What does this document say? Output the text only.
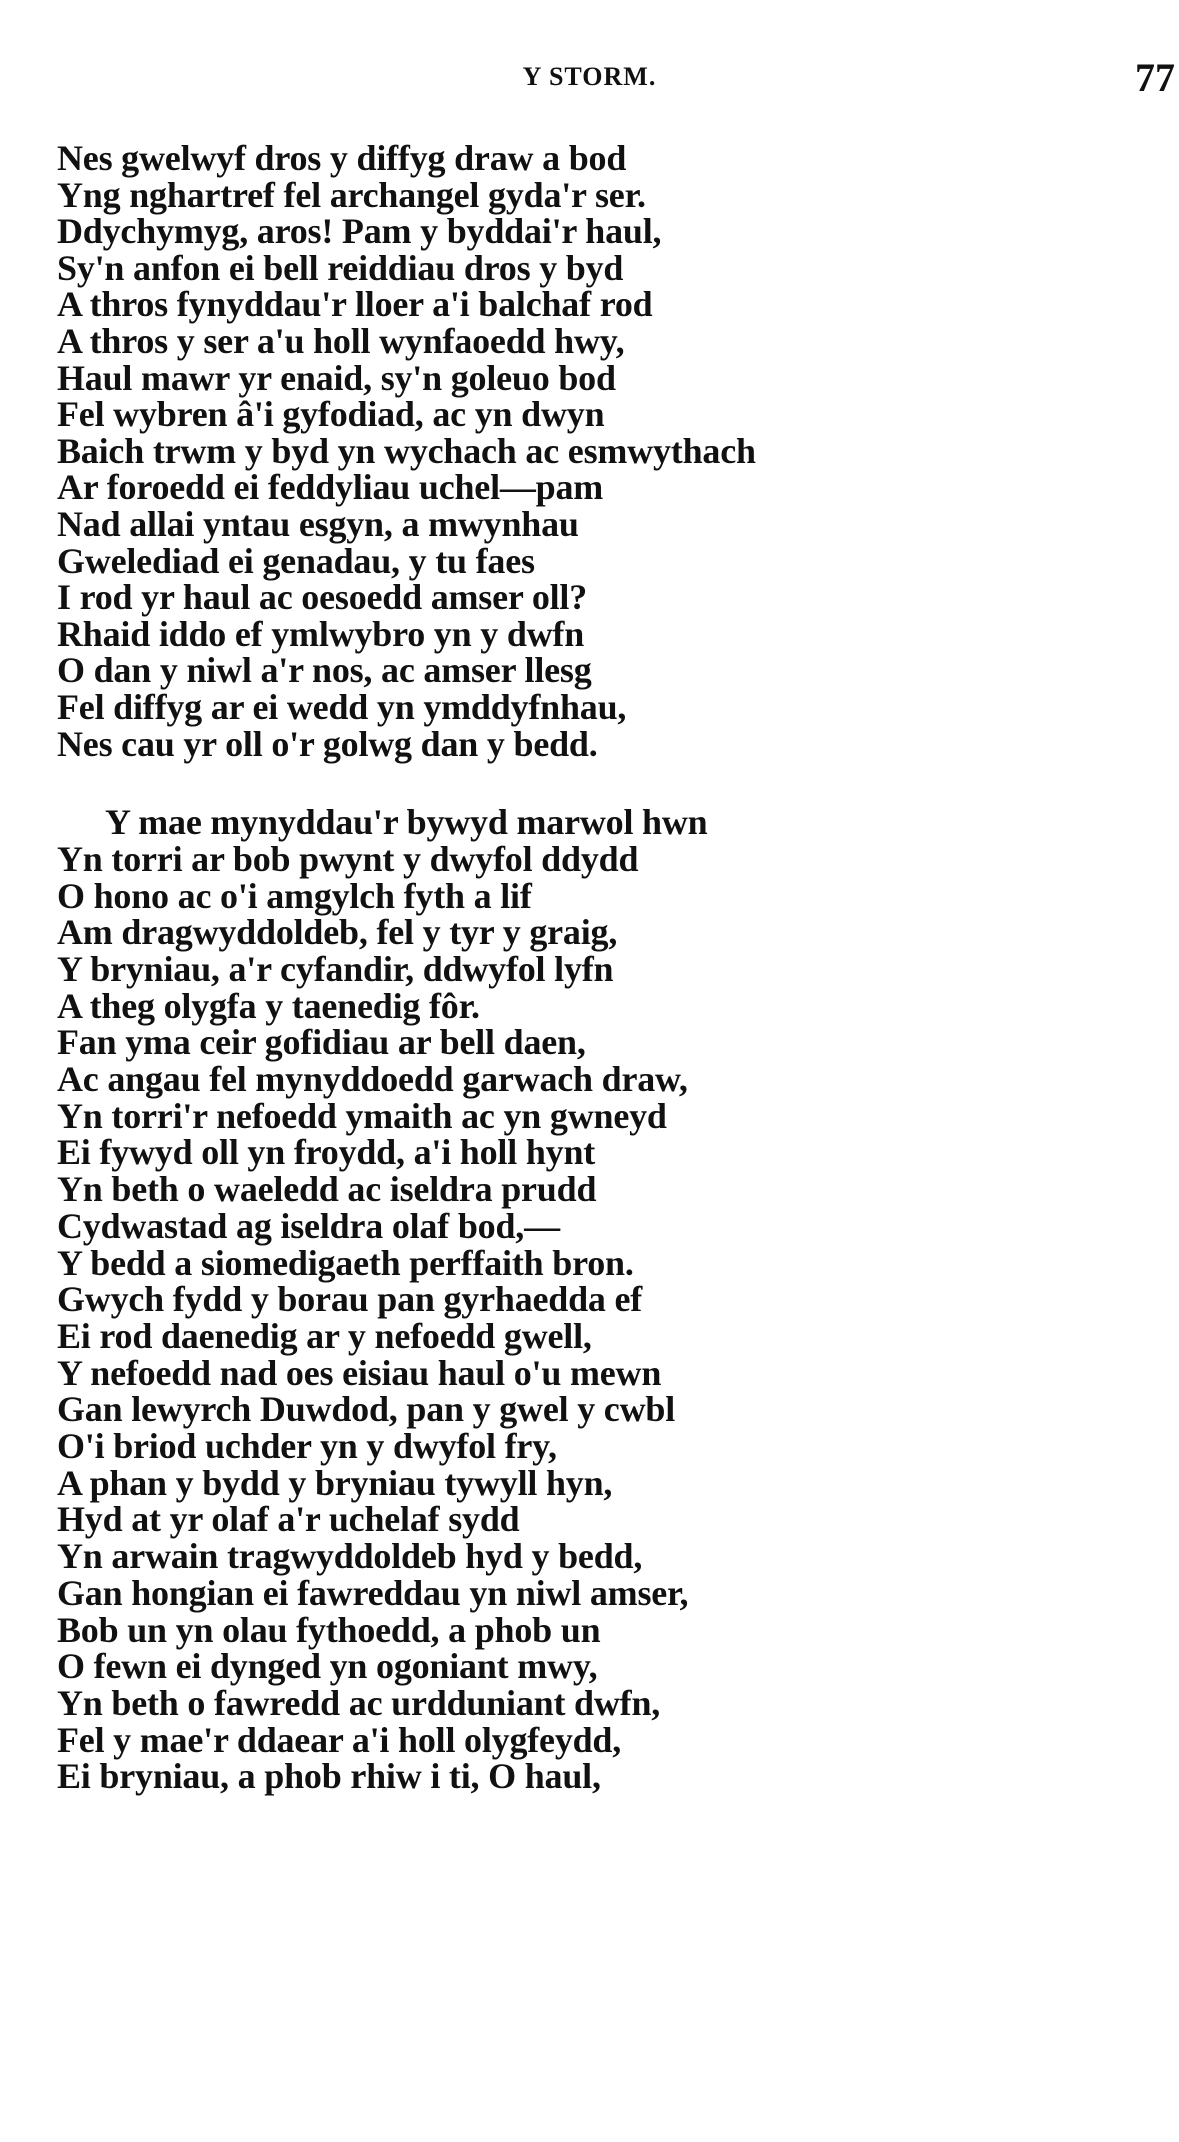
Y STORM.	77
Nes gwelwyf dros y diffyg draw a bod
Yng nghartref fel archangel gyda'r ser.
Ddychymyg, aros! Pam y byddai'r haul,
Sy'n anfon ei bell reiddiau dros y byd
A thros fynyddau'r lloer a'i balchaf rod
A thros y ser a'u holl wynfaoedd hwy,
Haul mawr yr enaid, sy'n goleuo bod
Fel wybren â'i gyfodiad, ac yn dwyn
Baich trwm y byd yn wychach ac esmwythach
Ar foroedd ei feddyliau uchel—pam
Nad allai yntau esgyn, a mwynhau
Gwelediad ei genadau, y tu faes
I rod yr haul ac oesoedd amser oll?
Rhaid iddo ef ymlwybro yn y dwfn
O dan y niwl a'r nos, ac amser llesg
Fel diffyg ar ei wedd yn ymddyfnhau,
Nes cau yr oll o'r golwg dan y bedd.
Y mae mynyddau'r bywyd marwol hwn
Yn torri ar bob pwynt y dwyfol ddydd
O hono ac o'i amgylch fyth a lif
Am dragwyddoldeb, fel y tyr y graig,
Y bryniau, a'r cyfandir, ddwyfol lyfn
A theg olygfa y taenedig fôr.
Fan yma ceir gofidiau ar bell daen,
Ac angau fel mynyddoedd garwach draw,
Yn torri'r nefoedd ymaith ac yn gwneyd
Ei fywyd oll yn froydd, a'i holl hynt
Yn beth o waeledd ac iseldra prudd
Cydwastad ag iseldra olaf bod,—
Y bedd a siomedigaeth perffaith bron.
Gwych fydd y borau pan gyrhaedda ef
Ei rod daenedig ar y nefoedd gwell,
Y nefoedd nad oes eisiau haul o'u mewn
Gan lewyrch Duwdod, pan y gwel y cwbl
O'i briod uchder yn y dwyfol fry,
A phan y bydd y bryniau tywyll hyn,
Hyd at yr olaf a'r uchelaf sydd
Yn arwain tragwyddoldeb hyd y bedd,
Gan hongian ei fawreddau yn niwl amser,
Bob un yn olau fythoedd, a phob un
O fewn ei dynged yn ogoniant mwy,
Yn beth o fawredd ac urdduniant dwfn,
Fel y mae'r ddaear a'i holl olygfeydd,
Ei bryniau, a phob rhiw i ti, O haul,
